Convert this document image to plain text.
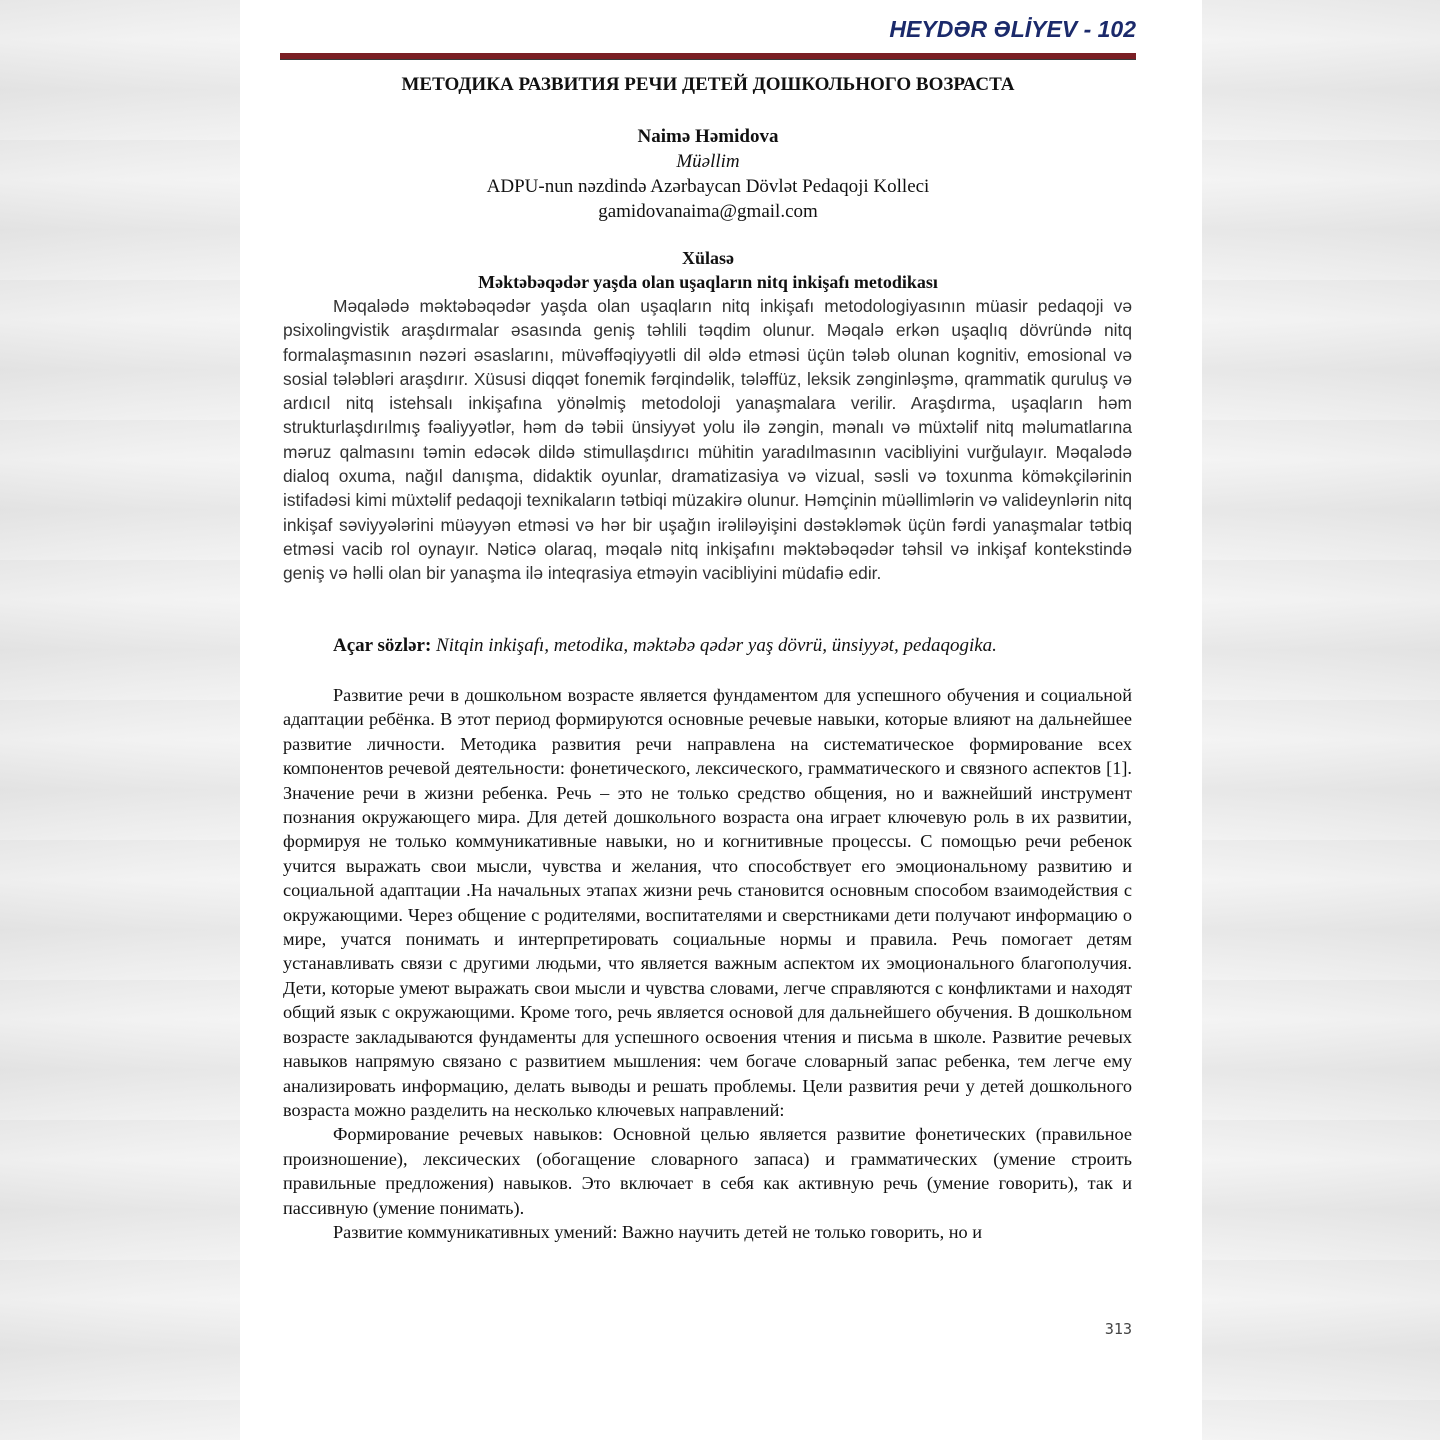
HEYDƏR ƏLİYEV - 102
МЕТОДИКА РАЗВИТИЯ РЕЧИ ДЕТЕЙ ДОШКОЛЬНОГО ВОЗРАСТА
Naimə Həmidova
Müəllim
ADPU-nun nəzdində Azərbaycan Dövlət Pedaqoji Kolleci
gamidovanaima@gmail.com
Xülasə
Məktəbəqədər yaşda olan uşaqların nitq inkişafı metodikası

Məqalədə məktəbəqədər yaşda olan uşaqların nitq inkişafı metodologiyasının müasir pedaqoji və psixolingvistik araşdırmalar əsasında geniş təhlili təqdim olunur. Məqalə erkən uşaqlıq dövründə nitq formalaşmasının nəzəri əsaslarını, müvəffəqiyyətli dil əldə etməsi üçün tələb olunan kognitiv, emosional və sosial tələbləri araşdırır. Xüsusi diqqət fonemik fərqindəlik, tələffüz, leksik zənginləşmə, qrammatik quruluş və ardıcıl nitq istehsalı inkişafına yönəlmiş metodoloji yanaşmalara verilir. Araşdırma, uşaqların həm strukturlaşdırılmış fəaliyyətlər, həm də təbii ünsiyyət yolu ilə zəngin, mənalı və müxtəlif nitq məlumatlarına məruz qalmasını təmin edəcək dildə stimullaşdırıcı mühitin yaradılmasının vacibliyini vurğulayır. Məqalədə dialoq oxuma, nağıl danışma, didaktik oyunlar, dramatizasiya və vizual, səsli və toxunma köməkçilərinin istifadəsi kimi müxtəlif pedaqoji texnikaların tətbiqi müzakirə olunur. Həmçinin müəllimlərin və valideynlərin nitq inkişaf səviyyələrini müəyyən etməsi və hər bir uşağın irəliləyişini dəstəkləmək üçün fərdi yanaşmalar tətbiq etməsi vacib rol oynayır. Nəticə olaraq, məqalə nitq inkişafını məktəbəqədər təhsil və inkişaf kontekstində geniş və həlli olan bir yanaşma ilə inteqrasiya etməyin vacibliyini müdafiə edir.

Açar sözlər: Nitqin inkişafı, metodika, məktəbə qədər yaş dövrü, ünsiyyət, pedaqogika.

Развитие речи в дошкольном возрасте является фундаментом для успешного обучения и социальной адаптации ребёнка. В этот период формируются основные речевые навыки, которые влияют на дальнейшее развитие личности. Методика развития речи направлена на систематическое формирование всех компонентов речевой деятельности: фонетического, лексического, грамматического и связного аспектов [1]. Значение речи в жизни ребенка. Речь – это не только средство общения, но и важнейший инструмент познания окружающего мира. Для детей дошкольного возраста она играет ключевую роль в их развитии, формируя не только коммуникативные навыки, но и когнитивные процессы. С помощью речи ребенок учится выражать свои мысли, чувства и желания, что способствует его эмоциональному развитию и социальной адаптации .На начальных этапах жизни речь становится основным способом взаимодействия с окружающими. Через общение с родителями, воспитателями и сверстниками дети получают информацию о мире, учатся понимать и интерпретировать социальные нормы и правила. Речь помогает детям устанавливать связи с другими людьми, что является важным аспектом их эмоционального благополучия. Дети, которые умеют выражать свои мысли и чувства словами, легче справляются с конфликтами и находят общий язык с окружающими. Кроме того, речь является основой для дальнейшего обучения. В дошкольном возрасте закладываются фундаменты для успешного освоения чтения и письма в школе. Развитие речевых навыков напрямую связано с развитием мышления: чем богаче словарный запас ребенка, тем легче ему анализировать информацию, делать выводы и решать проблемы. Цели развития речи у детей дошкольного возраста можно разделить на несколько ключевых направлений:

Формирование речевых навыков: Основной целью является развитие фонетических (правильное произношение), лексических (обогащение словарного запаса) и грамматических (умение строить правильные предложения) навыков. Это включает в себя как активную речь (умение говорить), так и пассивную (умение понимать).

Развитие коммуникативных умений: Важно научить детей не только говорить, но и

313
